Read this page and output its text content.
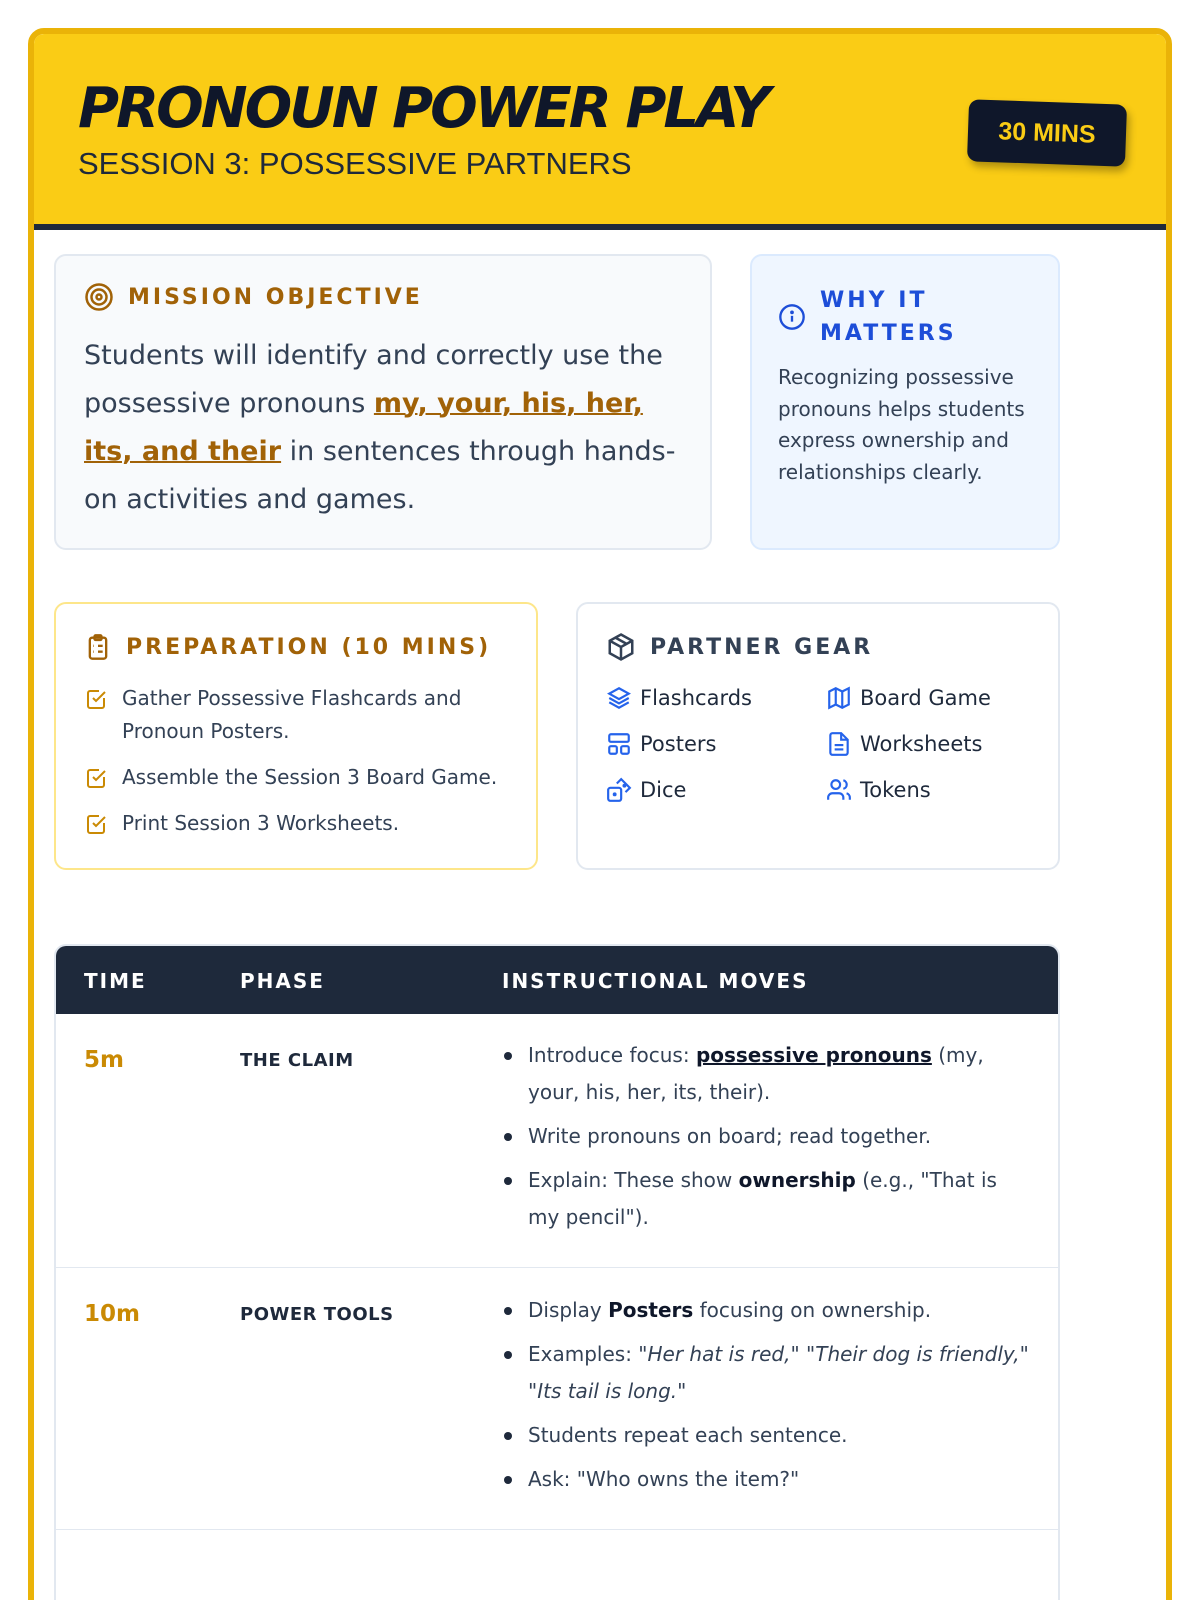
PRONOUN POWER PLAY
SESSION 3: POSSESSIVE PARTNERS
30 MINS
MISSION OBJECTIVE
Students will identify and correctly use the possessive pronouns my, your, his, her, its, and their in sentences through hands-on activities and games.
WHY IT MATTERS
Recognizing possessive pronouns helps students express ownership and relationships clearly.
PREPARATION (10 MINS)
Gather Possessive Flashcards and Pronoun Posters.
Assemble the Session 3 Board Game.
Print Session 3 Worksheets.
PARTNER GEAR
Flashcards	Board Game
Posters	Worksheets
Dice	Tokens
TIME	PHASE	INSTRUCTIONAL MOVES
5m	THE CLAIM	Introduce focus: possessive pronouns (my, your, his, her, its, their).
Write pronouns on board; read together.
Explain: These show ownership (e.g., "That is my pencil").
10m	POWER TOOLS	Display Posters focusing on ownership.
Examples: "Her hat is red," "Their dog is friendly," "Its tail is long."
Students repeat each sentence.
Ask: "Who owns the item?"
